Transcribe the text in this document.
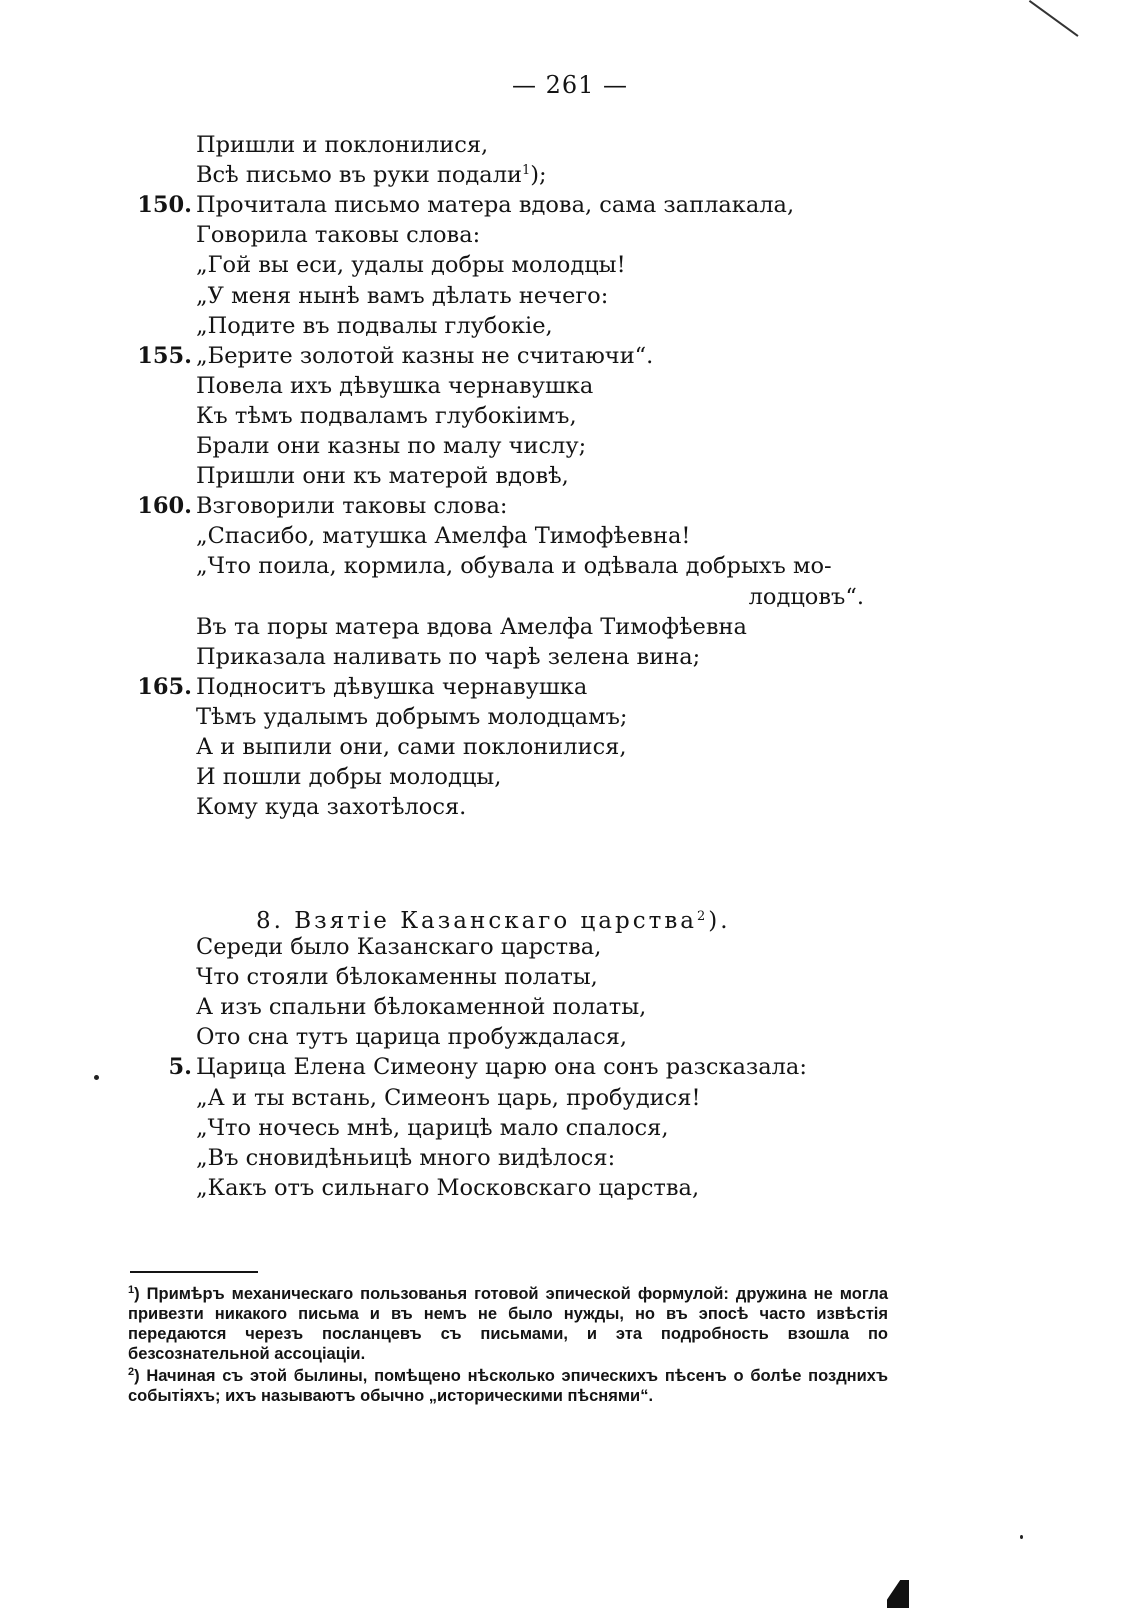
— 261 —
Пришли и поклонилися,
Всѣ письмо въ руки подали$^1$);
150. Прочитала письмо матера вдова, сама заплакала,
Говорила таковы слова:
„Гой вы еси, удалы добры молодцы!
„У меня нынѣ вамъ дѣлать нечего:
„Подите въ подвалы глубокіе,
155. „Берите золотой казны не считаючи“.
Повела ихъ дѣвушка чернавушка
Къ тѣмъ подваламъ глубокіимъ,
Брали они казны по малу числу;
Пришли они къ матерой вдовѣ,
160. Взговорили таковы слова:
„Спасибо, матушка Амелфа Тимофѣевна!
„Что поила, кормила, обувала и одѣвала добрыхъ мо-
лодцовъ“.
Въ та поры матера вдова Амелфа Тимофѣевна
Приказала наливать по чарѣ зелена вина;
165. Подноситъ дѣвушка чернавушка
Тѣмъ удалымъ добрымъ молодцамъ;
А и выпили они, сами поклонилися,
И пошли добры молодцы,
Кому куда захотѣлося.
8. Взятіе Казанскаго царства$^2$).
Середи было Казанскаго царства,
Что стояли бѣлокаменны полаты,
А изъ спальни бѣлокаменной полаты,
Ото сна тутъ царица пробуждалася,
5. Царица Елена Симеону царю она сонъ разсказала:
„А и ты встань, Симеонъ царь, пробудися!
„Что ночесь мнѣ, царицѣ мало спалося,
„Въ сновидѣньицѣ много видѣлося:
„Какъ отъ сильнаго Московскаго царства,
$^1$) Примѣръ механическаго пользованья готовой эпической формулой: дружина не могла привезти никакого письма и въ немъ не было нужды, но въ эпосѣ часто извѣстія передаются черезъ посланцевъ съ письмами, и эта подробность взошла по безсознательной ассоціаціи.
$^2$) Начиная съ этой былины, помѣщено нѣсколько эпическихъ пѣсенъ о болѣе позднихъ событіяхъ; ихъ называютъ обычно „историческими пѣснями“.
